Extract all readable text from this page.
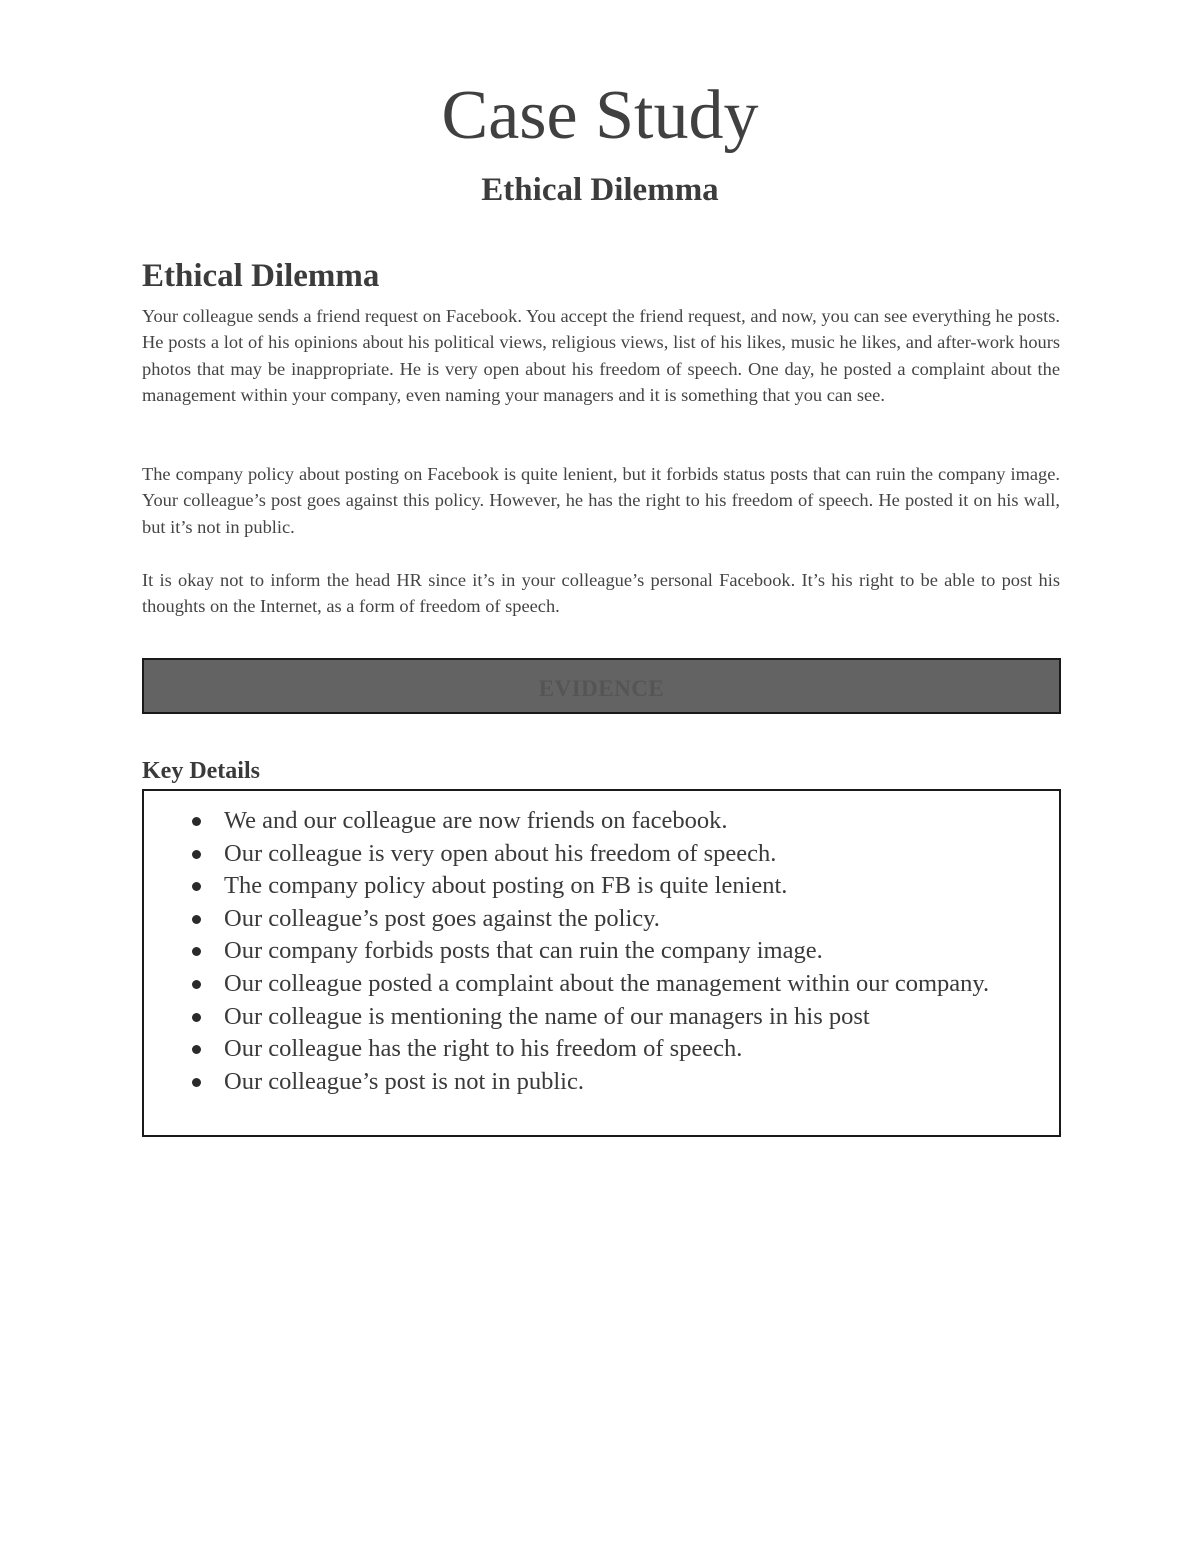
Case Study
Ethical Dilemma
Ethical Dilemma

Your colleague sends a friend request on Facebook. You accept the friend request, and now, you can see everything he posts. He posts a lot of his opinions about his political views, religious views, list of his likes, music he likes, and after-work hours photos that may be inappropriate. He is very open about his freedom of speech. One day, he posted a complaint about the management within your company, even naming your managers and it is something that you can see.

The company policy about posting on Facebook is quite lenient, but it forbids status posts that can ruin the company image. Your colleague’s post goes against this policy. However, he has the right to his freedom of speech. He posted it on his wall, but it’s not in public.

It is okay not to inform the head HR since it’s in your colleague’s personal Facebook. It’s his right to be able to post his thoughts on the Internet, as a form of freedom of speech.

EVIDENCE
Key Details
We and our colleague are now friends on facebook.
Our colleague is very open about his freedom of speech.
The company policy about posting on FB is quite lenient.
Our colleague’s post goes against the policy.
Our company forbids posts that can ruin the company image.
Our colleague posted a complaint about the management within our company.
Our colleague is mentioning the name of our managers in his post
Our colleague has the right to his freedom of speech.
Our colleague’s post is not in public.
